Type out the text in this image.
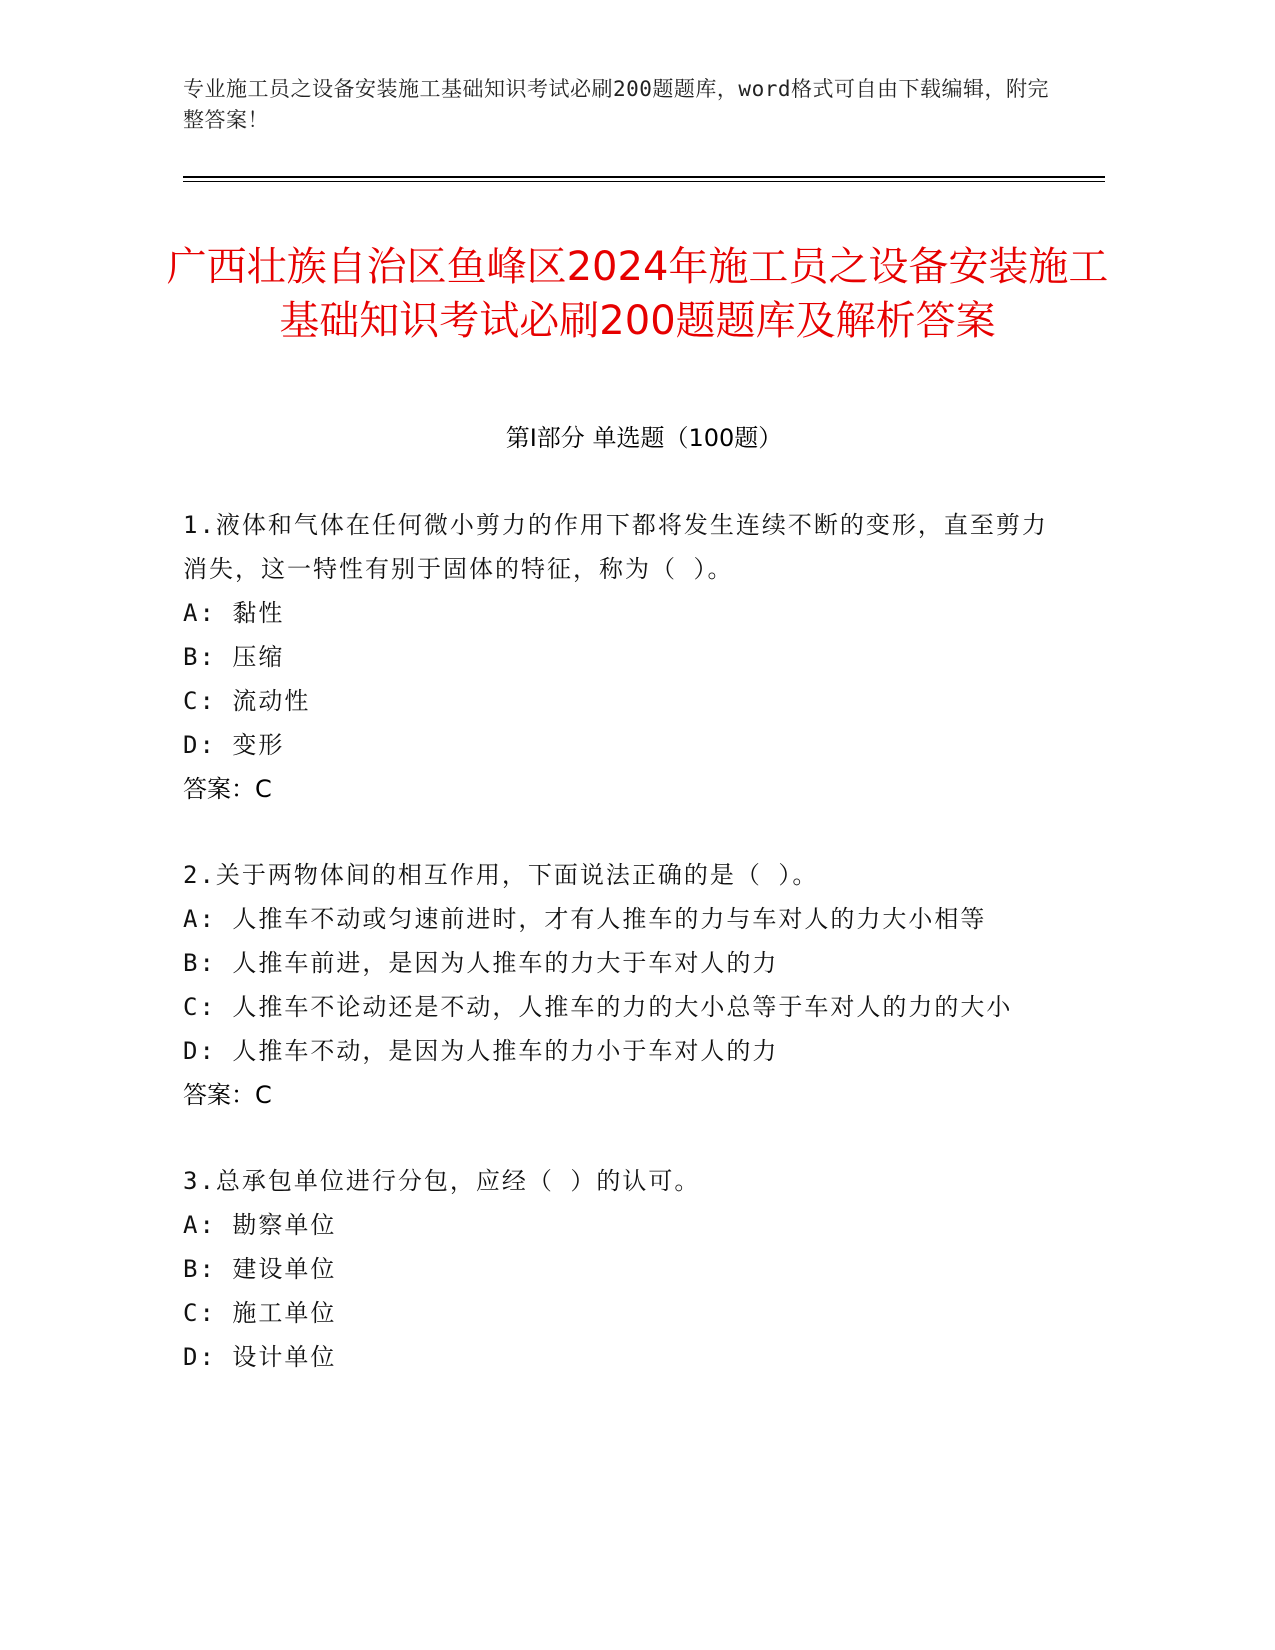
专业施工员之设备安装施工基础知识考试必刷200题题库，word格式可自由下载编辑，附完整答案！
广西壮族自治区鱼峰区2024年施工员之设备安装施工基础知识考试必刷200题题库及解析答案
第I部分 单选题（100题）
1.液体和气体在任何微小剪力的作用下都将发生连续不断的变形，直至剪力消失，这一特性有别于固体的特征，称为（ ）。
A: 黏性
B: 压缩
C: 流动性
D: 变形
答案：C
2.关于两物体间的相互作用，下面说法正确的是（ ）。
A: 人推车不动或匀速前进时，才有人推车的力与车对人的力大小相等
B: 人推车前进，是因为人推车的力大于车对人的力
C: 人推车不论动还是不动，人推车的力的大小总等于车对人的力的大小
D: 人推车不动，是因为人推车的力小于车对人的力
答案：C
3.总承包单位进行分包，应经（ ）的认可。
A: 勘察单位
B: 建设单位
C: 施工单位
D: 设计单位
